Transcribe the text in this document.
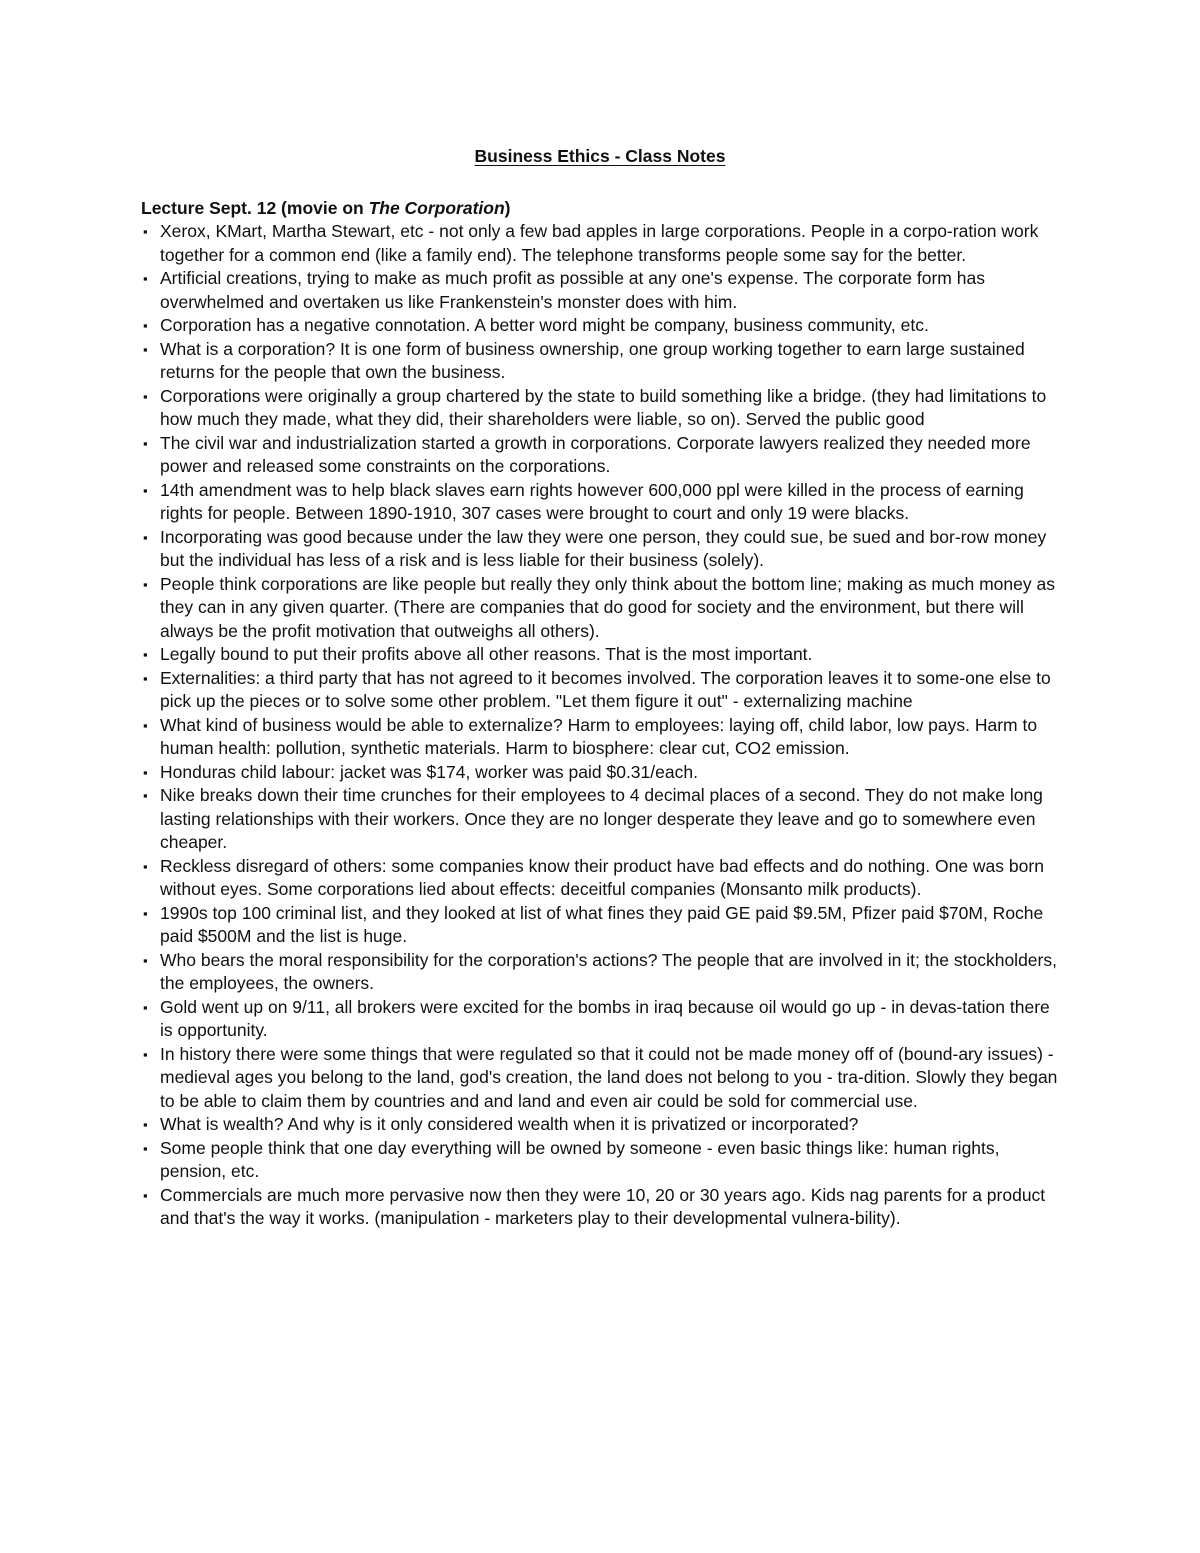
Business Ethics - Class Notes
Lecture Sept. 12 (movie on The Corporation)
▪ Xerox, KMart, Martha Stewart, etc - not only a few bad apples in large corporations. People in a corpo-ration work together for a common end (like a family end). The telephone transforms people some say for the better.
▪ Artificial creations, trying to make as much profit as possible at any one's expense. The corporate form has overwhelmed and overtaken us like Frankenstein's monster does with him.
▪ Corporation has a negative connotation. A better word might be company, business community, etc.
▪ What is a corporation? It is one form of business ownership, one group working together to earn large sustained returns for the people that own the business.
▪ Corporations were originally a group chartered by the state to build something like a bridge. (they had limitations to how much they made, what they did, their shareholders were liable, so on). Served the public good
▪ The civil war and industrialization started a growth in corporations. Corporate lawyers realized they needed more power and released some constraints on the corporations.
▪ 14th amendment was to help black slaves earn rights however 600,000 ppl were killed in the process of earning rights for people. Between 1890-1910, 307 cases were brought to court and only 19 were blacks.
▪ Incorporating was good because under the law they were one person, they could sue, be sued and bor-row money but the individual has less of a risk and is less liable for their business (solely).
▪ People think corporations are like people but really they only think about the bottom line; making as much money as they can in any given quarter. (There are companies that do good for society and the environment, but there will always be the profit motivation that outweighs all others).
▪ Legally bound to put their profits above all other reasons. That is the most important.
▪ Externalities: a third party that has not agreed to it becomes involved. The corporation leaves it to some-one else to pick up the pieces or to solve some other problem. "Let them figure it out" - externalizing machine
▪ What kind of business would be able to externalize? Harm to employees: laying off, child labor, low pays. Harm to human health: pollution, synthetic materials. Harm to biosphere: clear cut, CO2 emission.
▪ Honduras child labour: jacket was $174, worker was paid $0.31/each.
▪ Nike breaks down their time crunches for their employees to 4 decimal places of a second. They do not make long lasting relationships with their workers. Once they are no longer desperate they leave and go to somewhere even cheaper.
▪ Reckless disregard of others: some companies know their product have bad effects and do nothing. One was born without eyes. Some corporations lied about effects: deceitful companies (Monsanto milk products).
▪ 1990s top 100 criminal list, and they looked at list of what fines they paid GE paid $9.5M, Pfizer paid $70M, Roche paid $500M and the list is huge.
▪ Who bears the moral responsibility for the corporation's actions? The people that are involved in it; the stockholders, the employees, the owners.
▪ Gold went up on 9/11, all brokers were excited for the bombs in iraq because oil would go up - in devas-tation there is opportunity.
▪ In history there were some things that were regulated so that it could not be made money off of (bound-ary issues) - medieval ages you belong to the land, god's creation, the land does not belong to you - tra-dition. Slowly they began to be able to claim them by countries and and land and even air could be sold for commercial use.
▪ What is wealth? And why is it only considered wealth when it is privatized or incorporated?
▪ Some people think that one day everything will be owned by someone - even basic things like: human rights, pension, etc.
▪ Commercials are much more pervasive now then they were 10, 20 or 30 years ago. Kids nag parents for a product and that's the way it works. (manipulation - marketers play to their developmental vulnera-bility).
